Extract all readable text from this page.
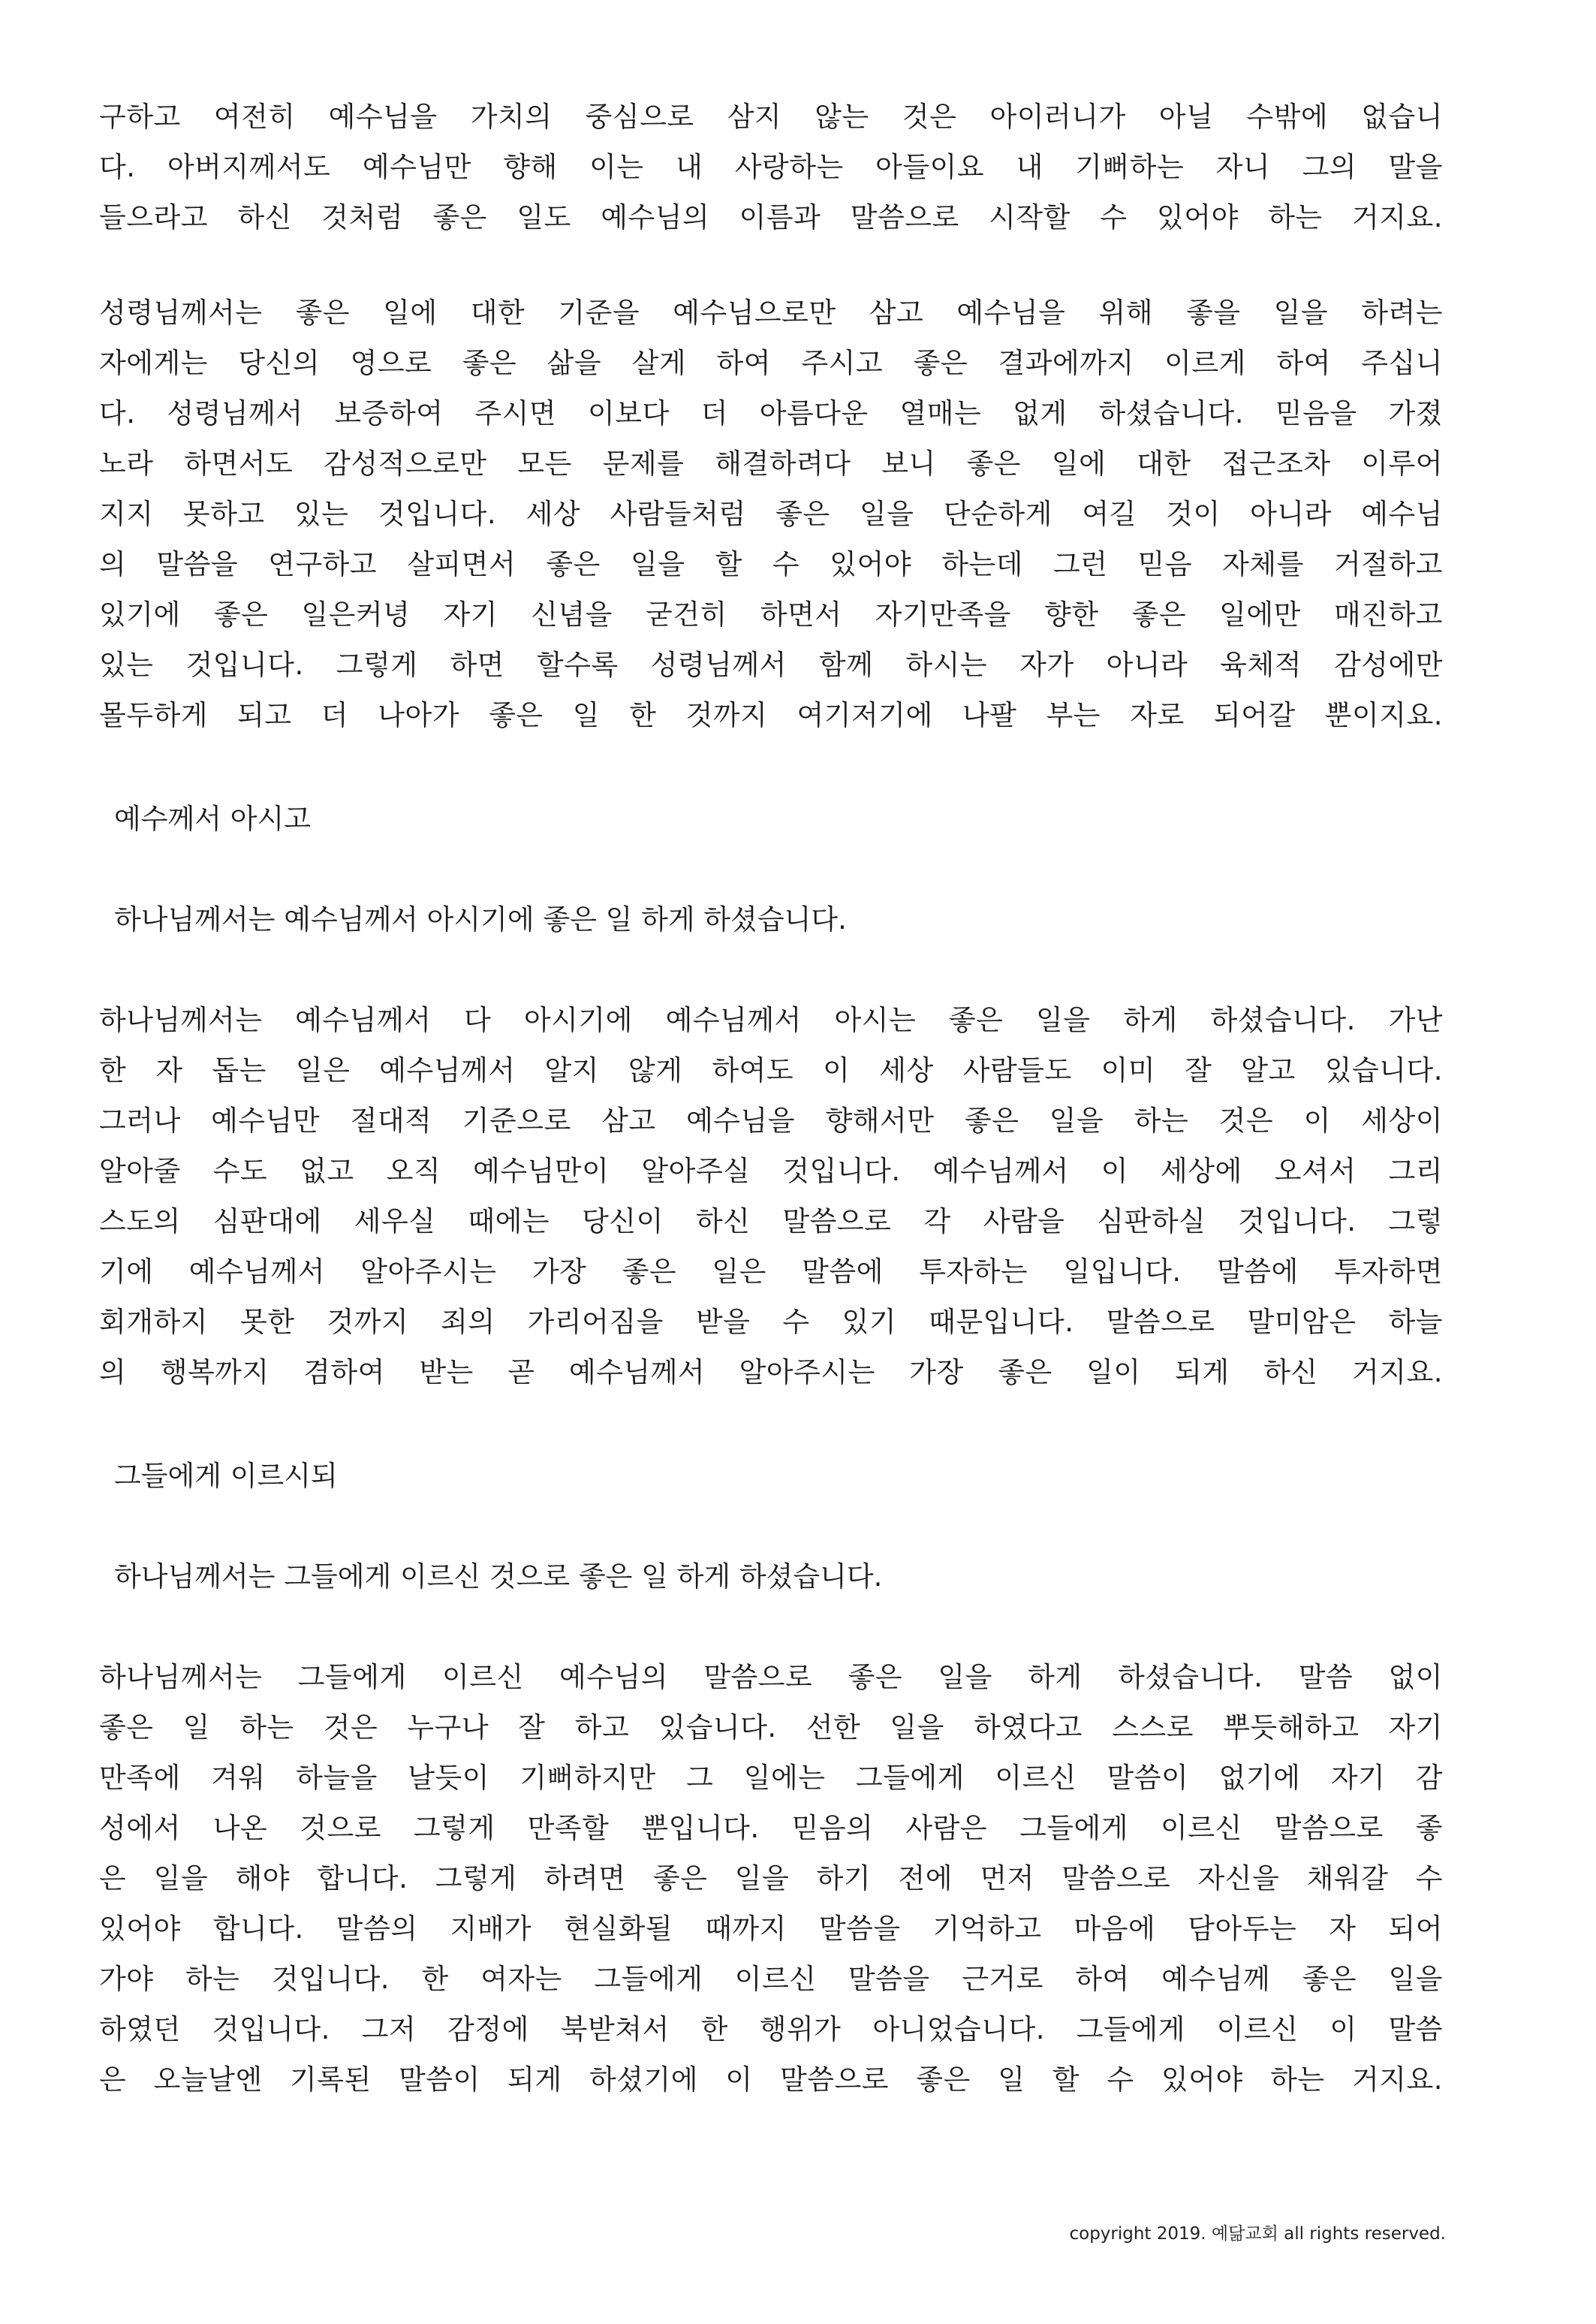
구하고 여전히 예수님을 가치의 중심으로 삼지 않는 것은 아이러니가 아닐 수밖에 없습니
다. 아버지께서도 예수님만 향해 이는 내 사랑하는 아들이요 내 기뻐하는 자니 그의 말을
들으라고 하신 것처럼 좋은 일도 예수님의 이름과 말씀으로 시작할 수 있어야 하는 거지요.
성령님께서는 좋은 일에 대한 기준을 예수님으로만 삼고 예수님을 위해 좋을 일을 하려는
자에게는 당신의 영으로 좋은 삶을 살게 하여 주시고 좋은 결과에까지 이르게 하여 주십니
다. 성령님께서 보증하여 주시면 이보다 더 아름다운 열매는 없게 하셨습니다. 믿음을 가졌
노라 하면서도 감성적으로만 모든 문제를 해결하려다 보니 좋은 일에 대한 접근조차 이루어
지지 못하고 있는 것입니다. 세상 사람들처럼 좋은 일을 단순하게 여길 것이 아니라 예수님
의 말씀을 연구하고 살피면서 좋은 일을 할 수 있어야 하는데 그런 믿음 자체를 거절하고
있기에 좋은 일은커녕 자기 신념을 굳건히 하면서 자기만족을 향한 좋은 일에만 매진하고
있는 것입니다. 그렇게 하면 할수록 성령님께서 함께 하시는 자가 아니라 육체적 감성에만
몰두하게 되고 더 나아가 좋은 일 한 것까지 여기저기에 나팔 부는 자로 되어갈 뿐이지요.

예수께서 아시고

하나님께서는 예수님께서 아시기에 좋은 일 하게 하셨습니다.

하나님께서는 예수님께서 다 아시기에 예수님께서 아시는 좋은 일을 하게 하셨습니다. 가난
한 자 돕는 일은 예수님께서 알지 않게 하여도 이 세상 사람들도 이미 잘 알고 있습니다.
그러나 예수님만 절대적 기준으로 삼고 예수님을 향해서만 좋은 일을 하는 것은 이 세상이
알아줄 수도 없고 오직 예수님만이 알아주실 것입니다. 예수님께서 이 세상에 오셔서 그리
스도의 심판대에 세우실 때에는 당신이 하신 말씀으로 각 사람을 심판하실 것입니다. 그렇
기에 예수님께서 알아주시는 가장 좋은 일은 말씀에 투자하는 일입니다. 말씀에 투자하면
회개하지 못한 것까지 죄의 가리어짐을 받을 수 있기 때문입니다. 말씀으로 말미암은 하늘
의 행복까지 겸하여 받는 곧 예수님께서 알아주시는 가장 좋은 일이 되게 하신 거지요.

그들에게 이르시되

하나님께서는 그들에게 이르신 것으로 좋은 일 하게 하셨습니다.

하나님께서는 그들에게 이르신 예수님의 말씀으로 좋은 일을 하게 하셨습니다. 말씀 없이
좋은 일 하는 것은 누구나 잘 하고 있습니다. 선한 일을 하였다고 스스로 뿌듯해하고 자기
만족에 겨워 하늘을 날듯이 기뻐하지만 그 일에는 그들에게 이르신 말씀이 없기에 자기 감
성에서 나온 것으로 그렇게 만족할 뿐입니다. 믿음의 사람은 그들에게 이르신 말씀으로 좋
은 일을 해야 합니다. 그렇게 하려면 좋은 일을 하기 전에 먼저 말씀으로 자신을 채워갈 수
있어야 합니다. 말씀의 지배가 현실화될 때까지 말씀을 기억하고 마음에 담아두는 자 되어
가야 하는 것입니다. 한 여자는 그들에게 이르신 말씀을 근거로 하여 예수님께 좋은 일을
하였던 것입니다. 그저 감정에 북받쳐서 한 행위가 아니었습니다. 그들에게 이르신 이 말씀
은 오늘날엔 기록된 말씀이 되게 하셨기에 이 말씀으로 좋은 일 할 수 있어야 하는 거지요.
copyright 2019. 예닮교회 all rights reserved.
